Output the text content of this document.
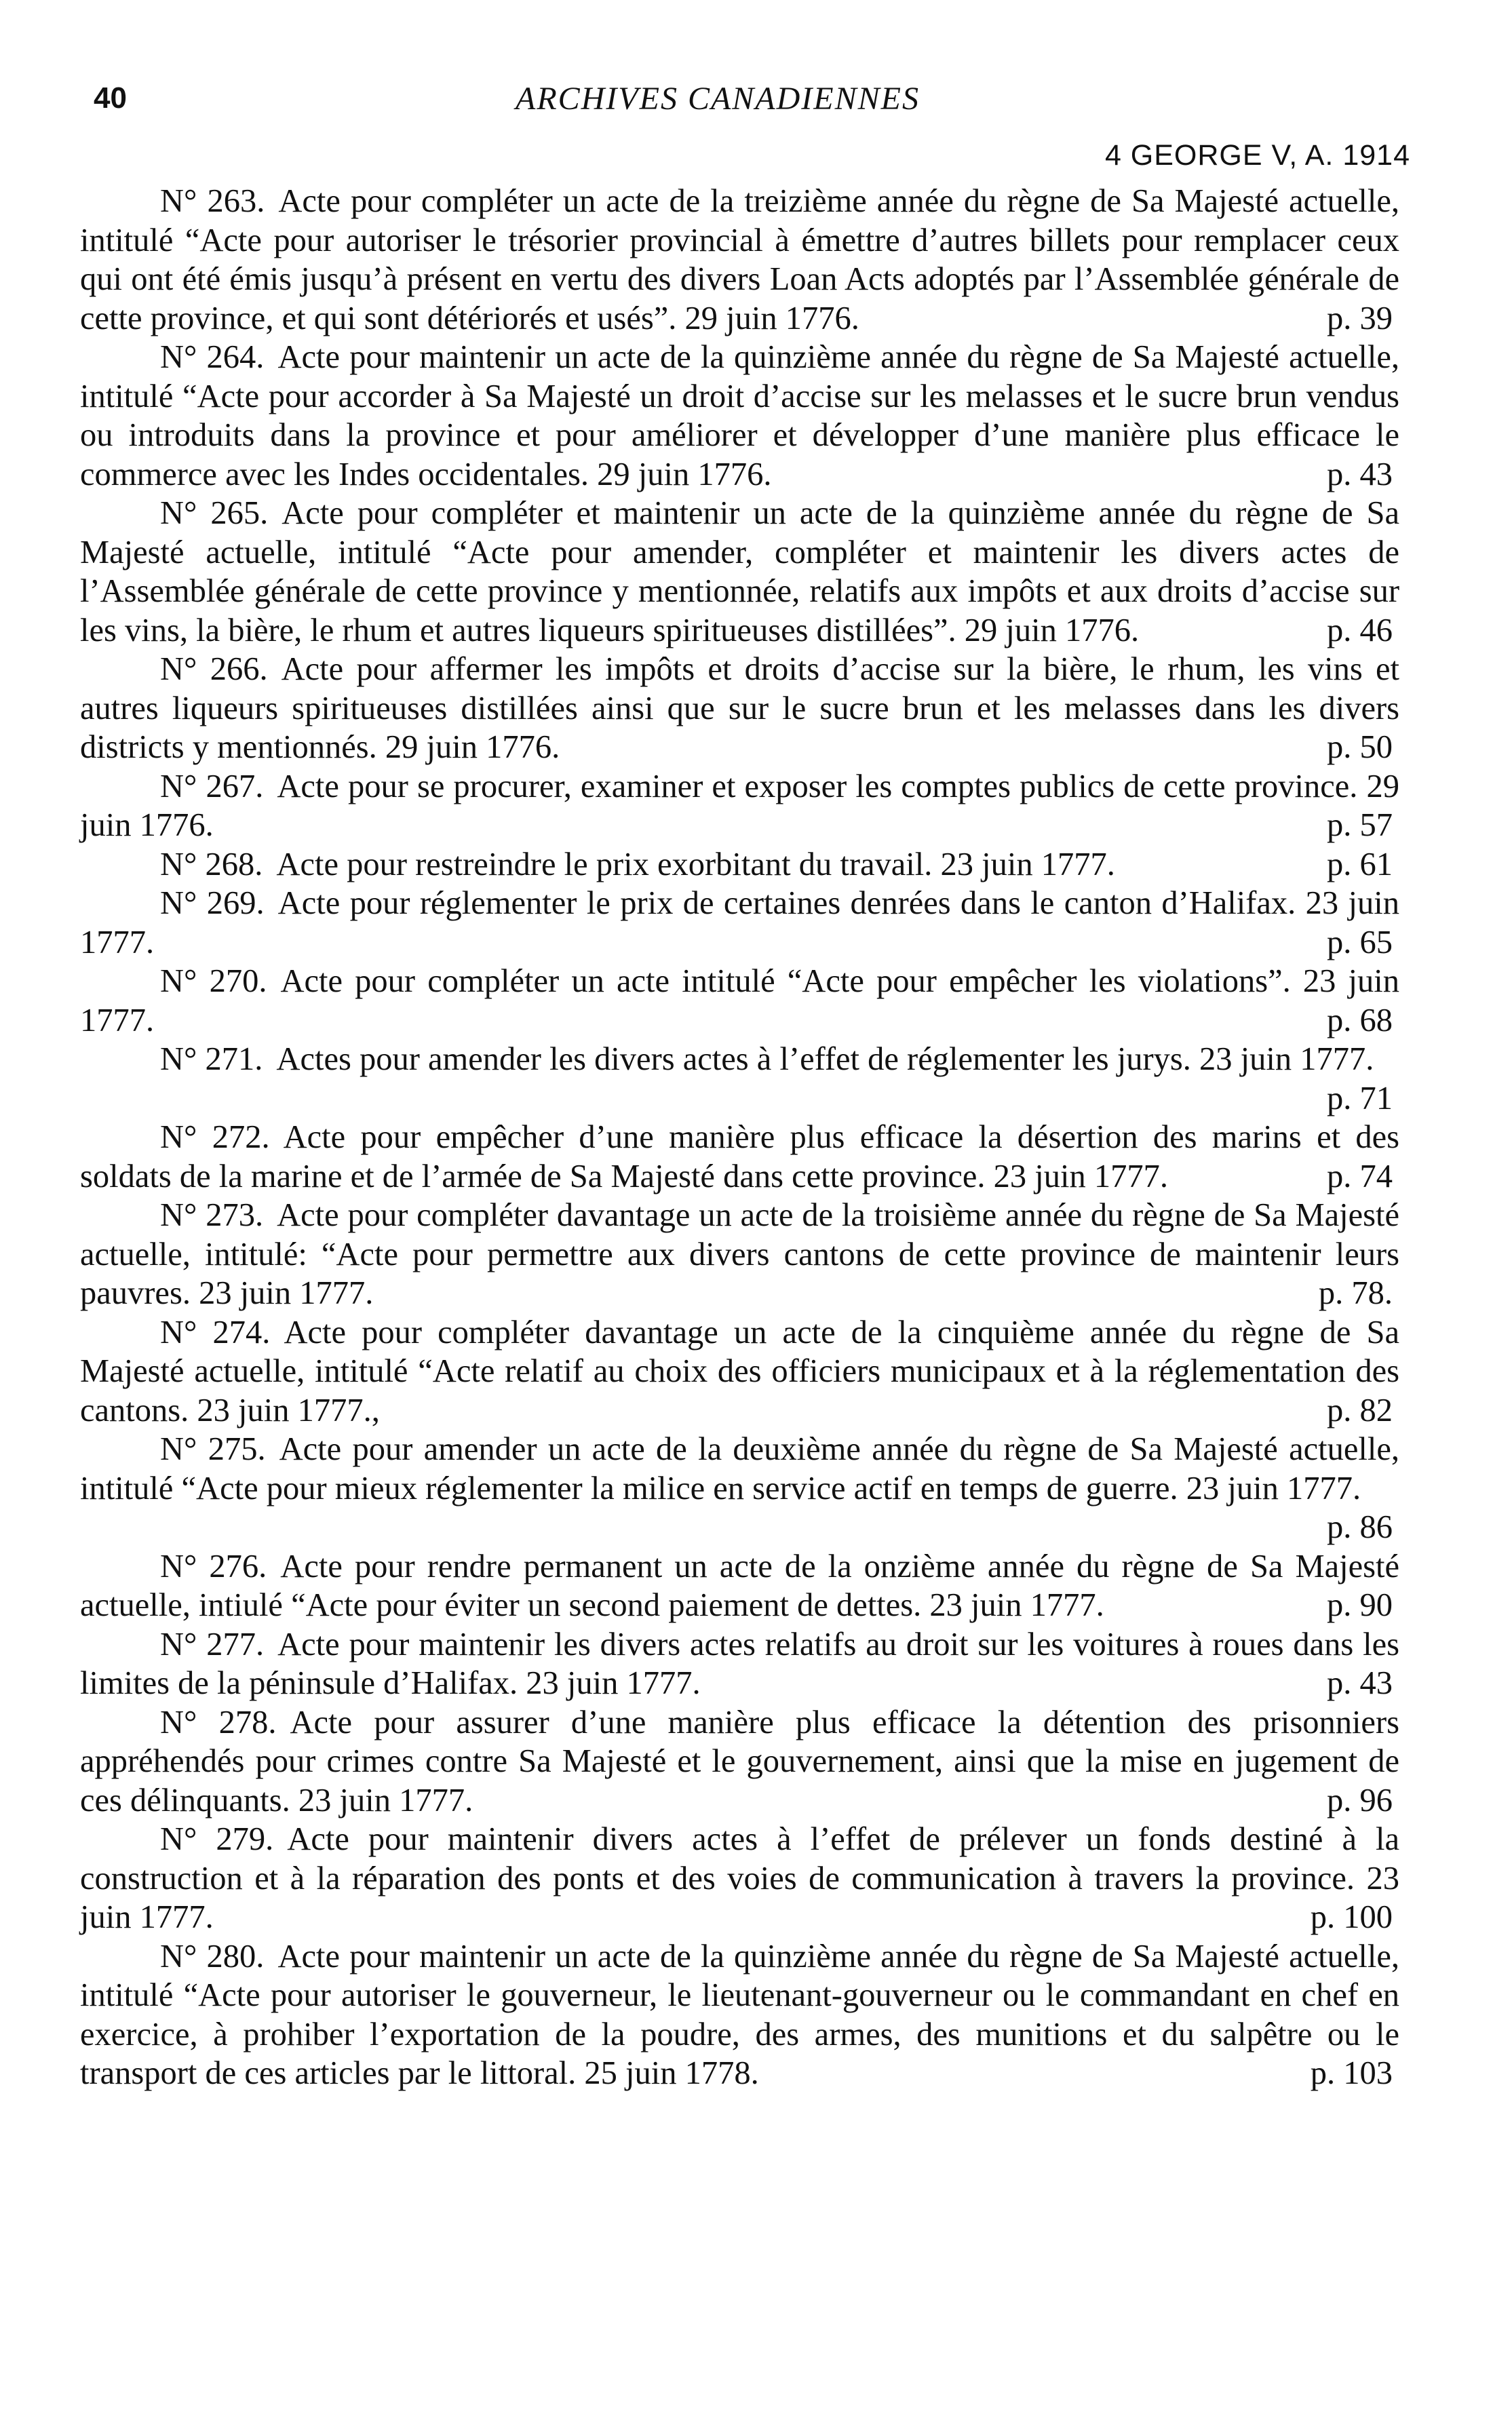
40	ARCHIVES CANADIENNES
4 GEORGE V, A. 1914

N° 263. Acte pour compléter un acte de la treizième année du règne de Sa Majesté actuelle, intitulé “Acte pour autoriser le trésorier provincial à émettre d’autres billets pour remplacer ceux qui ont été émis jusqu’à présent en vertu des divers Loan Acts adoptés par l’Assemblée générale de cette province, et qui sont détériorés et usés”. 29 juin 1776.	p. 39

N° 264. Acte pour maintenir un acte de la quinzième année du règne de Sa Majesté actuelle, intitulé “Acte pour accorder à Sa Majesté un droit d’accise sur les melasses et le sucre brun vendus ou introduits dans la province et pour améliorer et développer d’une manière plus efficace le commerce avec les Indes occidentales. 29 juin 1776.	p. 43

N° 265. Acte pour compléter et maintenir un acte de la quinzième année du règne de Sa Majesté actuelle, intitulé “Acte pour amender, compléter et maintenir les divers actes de l’Assemblée générale de cette province y mentionnée, relatifs aux impôts et aux droits d’accise sur les vins, la bière, le rhum et autres liqueurs spiritueuses distillées”. 29 juin 1776.	p. 46

N° 266. Acte pour affermer les impôts et droits d’accise sur la bière, le rhum, les vins et autres liqueurs spiritueuses distillées ainsi que sur le sucre brun et les melasses dans les divers districts y mentionnés. 29 juin 1776.	p. 50

N° 267. Acte pour se procurer, examiner et exposer les comptes publics de cette province. 29 juin 1776.	p. 57

N° 268. Acte pour restreindre le prix exorbitant du travail. 23 juin 1777.	p. 61

N° 269. Acte pour réglementer le prix de certaines denrées dans le canton d’Halifax. 23 juin 1777.	p. 65

N° 270. Acte pour compléter un acte intitulé “Acte pour empêcher les violations”. 23 juin 1777.	p. 68

N° 271. Actes pour amender les divers actes à l’effet de réglementer les jurys. 23 juin 1777.
p. 71

N° 272. Acte pour empêcher d’une manière plus efficace la désertion des marins et des soldats de la marine et de l’armée de Sa Majesté dans cette province. 23 juin 1777.	p. 74

N° 273. Acte pour compléter davantage un acte de la troisième année du règne de Sa Majesté actuelle, intitulé: “Acte pour permettre aux divers cantons de cette province de maintenir leurs pauvres. 23 juin 1777.	p. 78.

N° 274. Acte pour compléter davantage un acte de la cinquième année du règne de Sa Majesté actuelle, intitulé “Acte relatif au choix des officiers municipaux et à la réglementation des cantons. 23 juin 1777.,	p. 82

N° 275. Acte pour amender un acte de la deuxième année du règne de Sa Majesté actuelle, intitulé “Acte pour mieux réglementer la milice en service actif en temps de guerre. 23 juin 1777.
p. 86

N° 276. Acte pour rendre permanent un acte de la onzième année du règne de Sa Majesté actuelle, intiulé “Acte pour éviter un second paiement de dettes. 23 juin 1777.	p. 90

N° 277. Acte pour maintenir les divers actes relatifs au droit sur les voitures à roues dans les limites de la péninsule d’Halifax. 23 juin 1777.	p. 43

N° 278. Acte pour assurer d’une manière plus efficace la détention des prisonniers appréhendés pour crimes contre Sa Majesté et le gouvernement, ainsi que la mise en jugement de ces délinquants. 23 juin 1777.	p. 96

N° 279. Acte pour maintenir divers actes à l’effet de prélever un fonds destiné à la construction et à la réparation des ponts et des voies de communication à travers la province. 23 juin 1777.	p. 100

N° 280. Acte pour maintenir un acte de la quinzième année du règne de Sa Majesté actuelle, intitulé “Acte pour autoriser le gouverneur, le lieutenant-gouverneur ou le commandant en chef en exercice, à prohiber l’exportation de la poudre, des armes, des munitions et du salpêtre ou le transport de ces articles par le littoral. 25 juin 1778.	p. 103
